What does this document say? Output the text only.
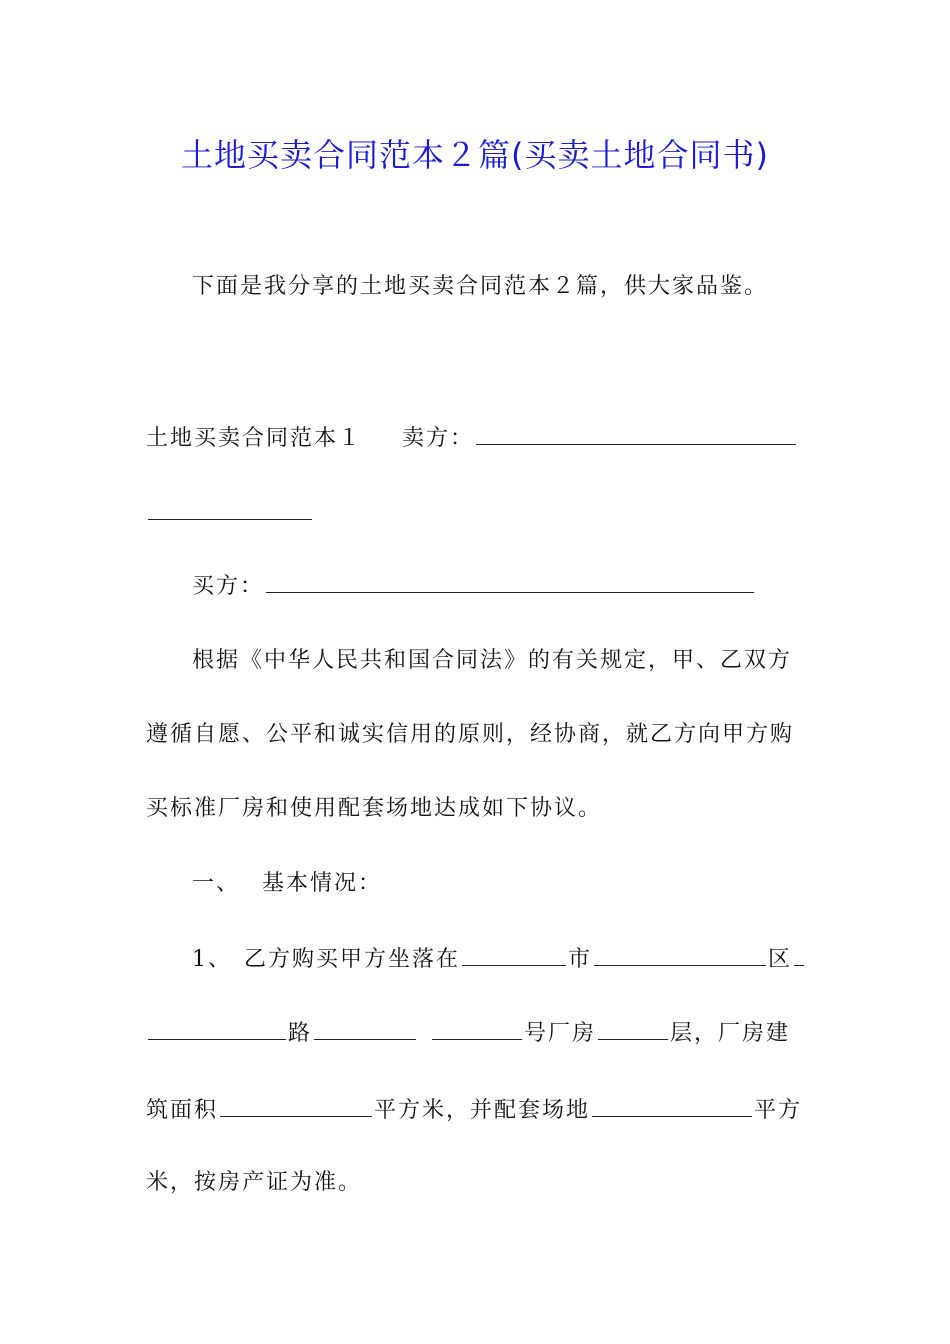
土地买卖合同范本２篇(买卖土地合同书)
下面是我分享的土地买卖合同范本２篇，供大家品鉴。
土地买卖合同范本１ 卖方：
买方：
根据《中华人民共和国合同法》的有关规定，甲、乙双方
遵循自愿、公平和诚实信用的原则，经协商，就乙方向甲方购
买标准厂房和使用配套场地达成如下协议。
一、 基本情况：
1、 乙方购买甲方坐落在	市	区
路	号厂房	层，厂房建
筑面积	平方米，并配套场地	平方
米，按房产证为准。
